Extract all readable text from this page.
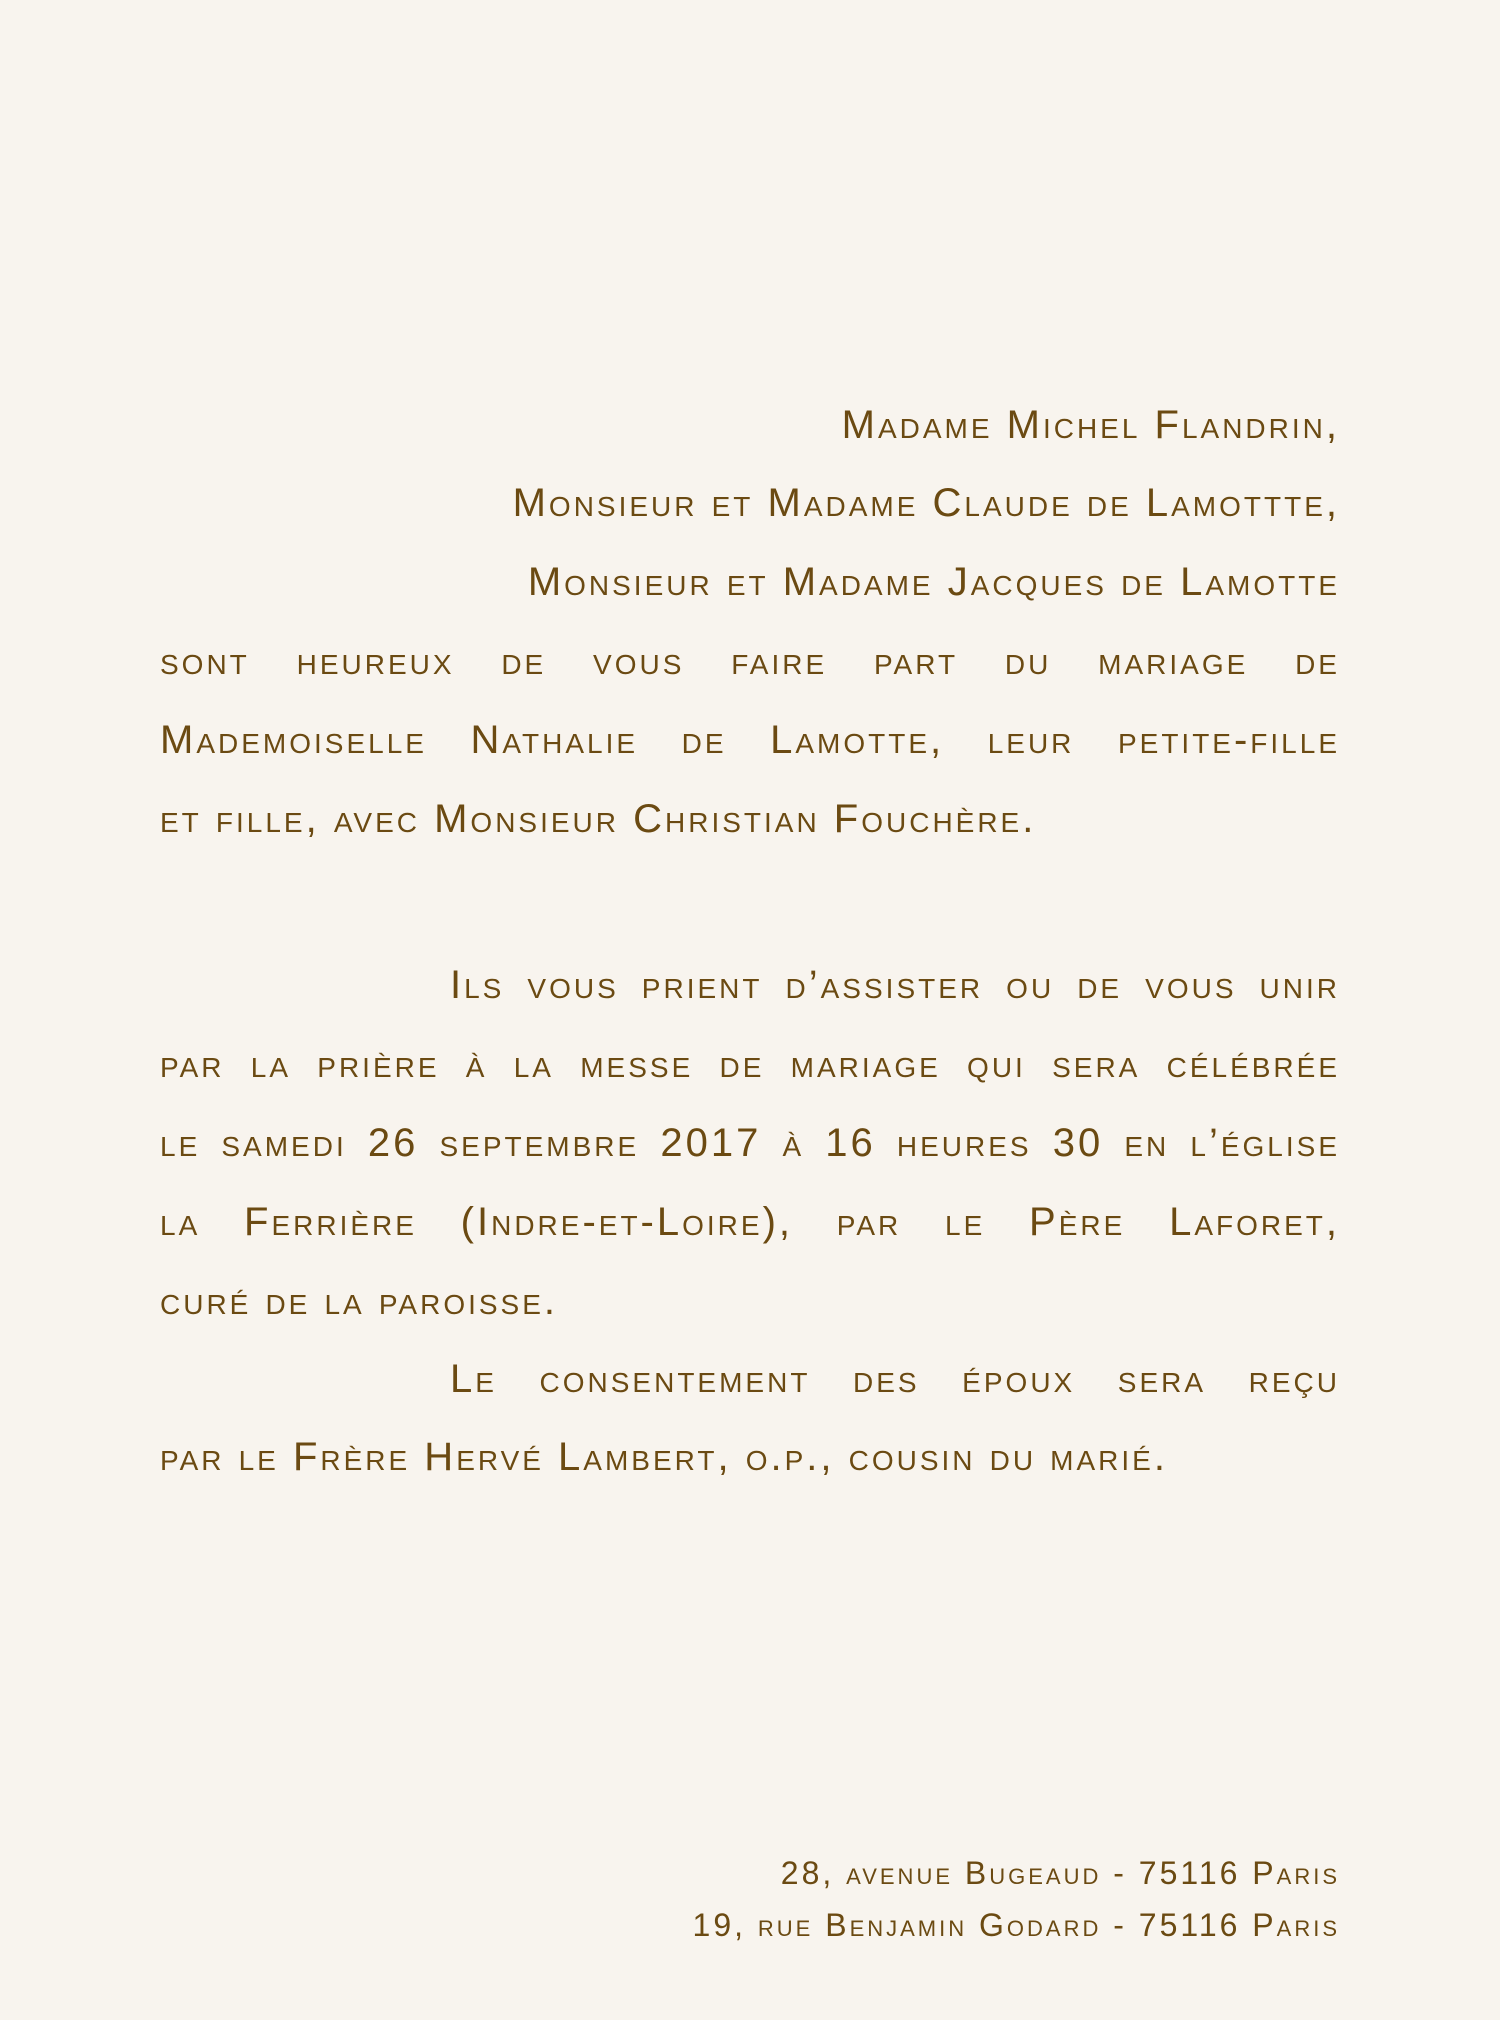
Madame Michel Flandrin,
Monsieur et Madame Claude de Lamottte,
Monsieur et Madame Jacques de Lamotte
sont heureux de vous faire part du mariage de
Mademoiselle Nathalie de Lamotte, leur petite-fille
et fille, avec Monsieur Christian Fouchère.
Ils vous prient d’assister ou de vous unir
par la prière à la messe de mariage qui sera célébrée
le samedi 26 septembre 2017 à 16 heures 30 en l’église
la Ferrière (Indre-et-Loire), par le Père Laforet,
curé de la paroisse.
Le consentement des époux sera reçu
par le Frère Hervé Lambert, o.p., cousin du marié.
28, avenue Bugeaud - 75116 Paris
19, rue Benjamin Godard - 75116 Paris
